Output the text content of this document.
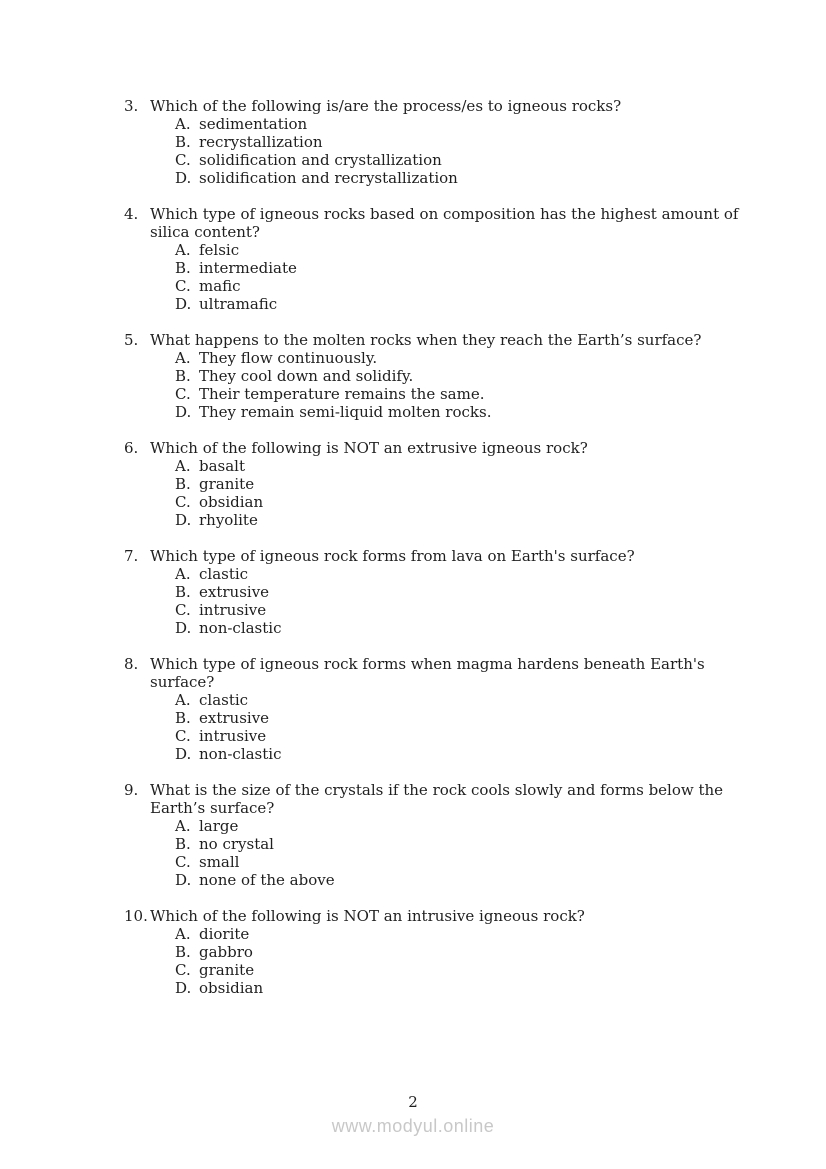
3. Which of the following is/are the process/es to igneous rocks?
A. sedimentation
B. recrystallization
C. solidification and crystallization
D. solidification and recrystallization
4. Which type of igneous rocks based on composition has the highest amount of
silica content?
A. felsic
B. intermediate
C. mafic
D. ultramafic
5. What happens to the molten rocks when they reach the Earth’s surface?
A. They flow continuously.
B. They cool down and solidify.
C. Their temperature remains the same.
D. They remain semi-liquid molten rocks.
6. Which of the following is NOT an extrusive igneous rock?
A. basalt
B. granite
C. obsidian
D. rhyolite
7. Which type of igneous rock forms from lava on Earth's surface?
A. clastic
B. extrusive
C. intrusive
D. non-clastic
8. Which type of igneous rock forms when magma hardens beneath Earth's
surface?
A. clastic
B. extrusive
C. intrusive
D. non-clastic
9. What is the size of the crystals if the rock cools slowly and forms below the
Earth’s surface?
A. large
B. no crystal
C. small
D. none of the above
10. Which of the following is NOT an intrusive igneous rock?
A. diorite
B. gabbro
C. granite
D. obsidian
2
www.modyul.online
